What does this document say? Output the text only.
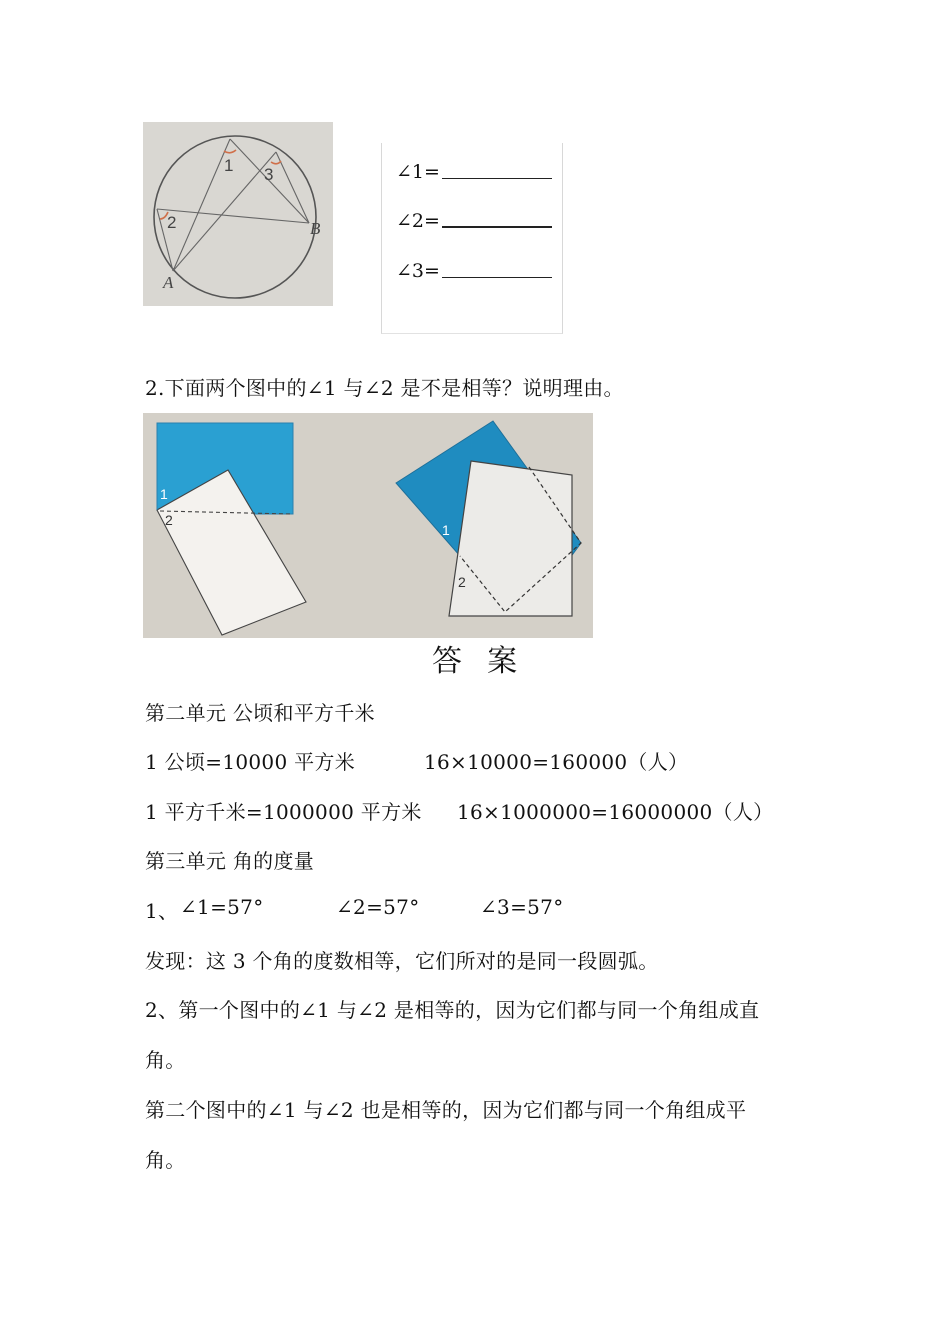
1 3
2	B
A
∠1=
∠2=
∠3=
2.下面两个图中的∠1 与∠2 是不是相等？说明理由。
1
2
1
2
答  案
第二单元 公顷和平方千米
1 公顷=10000 平方米	16×10000=160000（人）
1 平方千米=1000000 平方米 16×1000000=16000000（人）
第三单元 角的度量
1、 ∠1=57°	∠2=57°	∠3=57°
发现：这 3 个角的度数相等，它们所对的是同一段圆弧。
2、第一个图中的∠1 与∠2 是相等的，因为它们都与同一个角组成直
角。
第二个图中的∠1 与∠2 也是相等的，因为它们都与同一个角组成平
角。
